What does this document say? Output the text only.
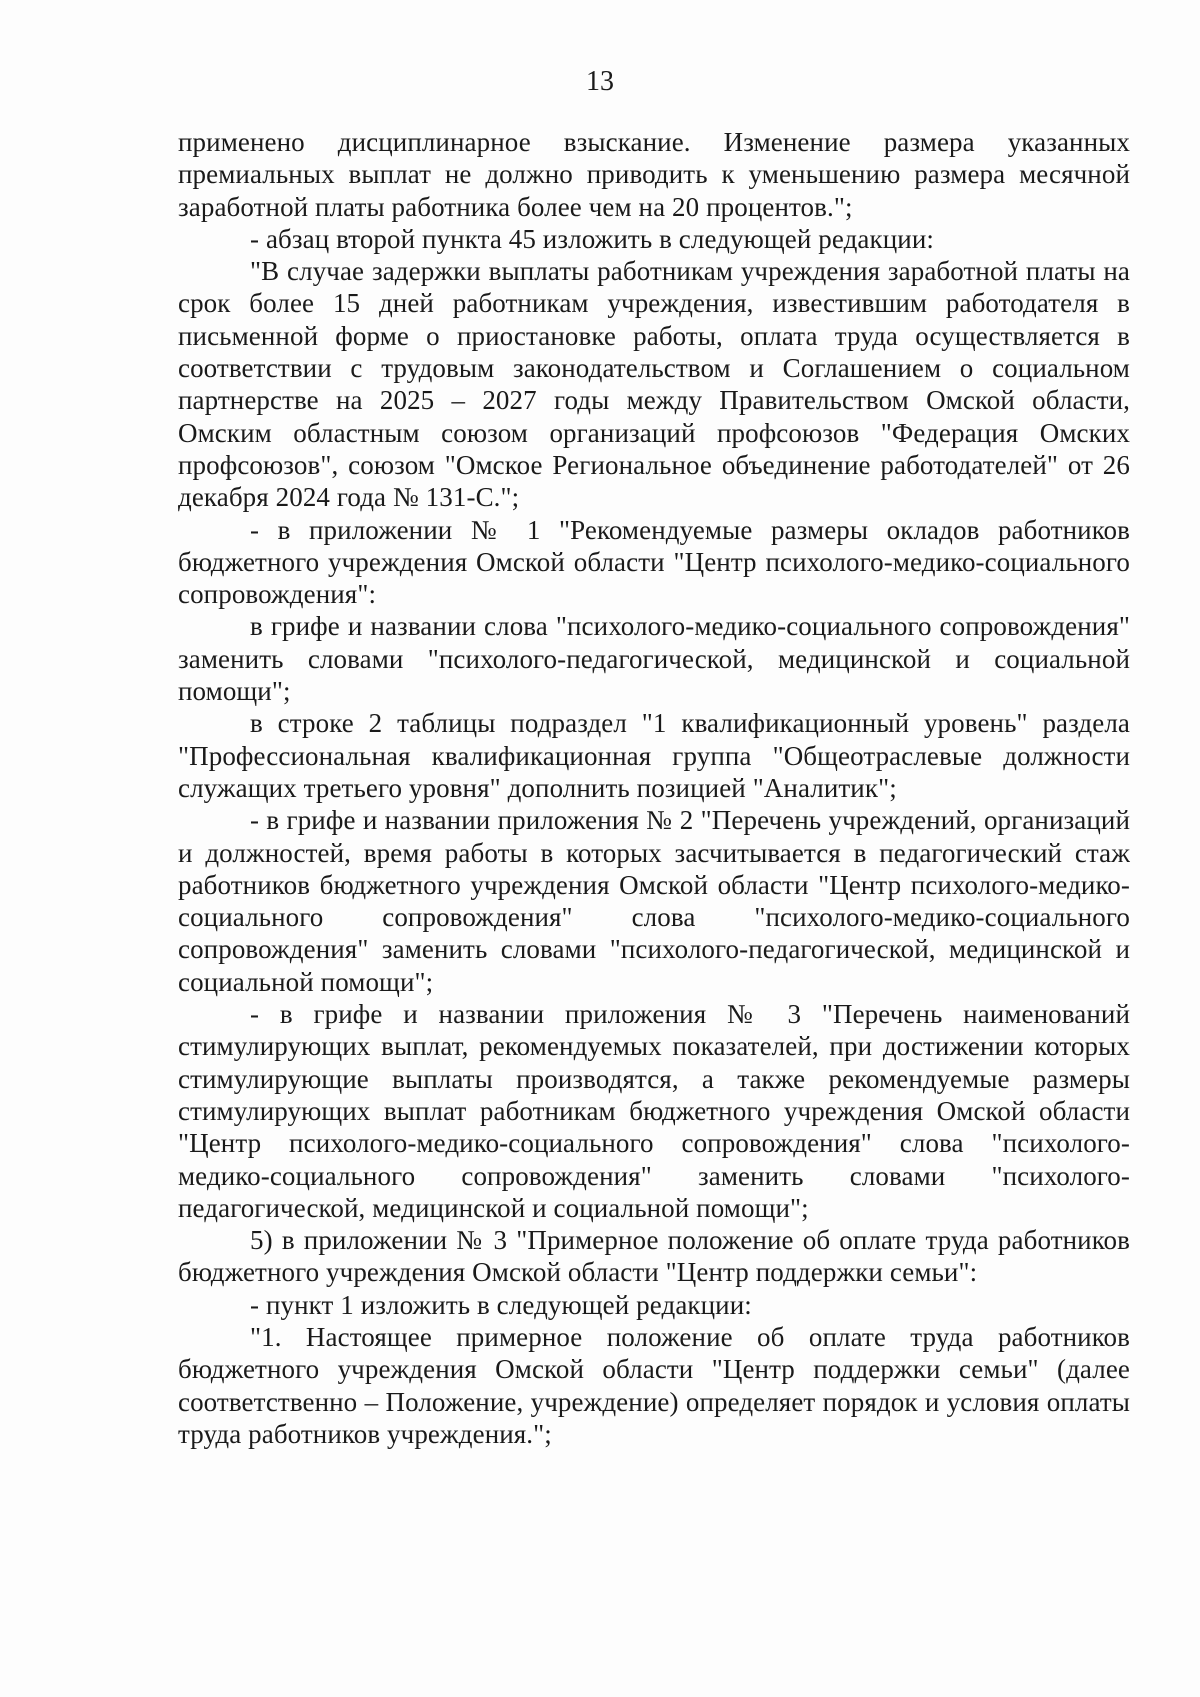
13

применено дисциплинарное взыскание. Изменение размера указанных премиальных выплат не должно приводить к уменьшению размера месячной заработной платы работника более чем на 20 процентов.";

- абзац второй пункта 45 изложить в следующей редакции:

"В случае задержки выплаты работникам учреждения заработной платы на срок более 15 дней работникам учреждения, известившим работодателя в письменной форме о приостановке работы, оплата труда осуществляется в соответствии с трудовым законодательством и Соглашением о социальном партнерстве на 2025 – 2027 годы между Правительством Омской области, Омским областным союзом организаций профсоюзов "Федерация Омских профсоюзов", союзом "Омское Региональное объединение работодателей" от 26 декабря 2024 года № 131-С.";

- в приложении № 1 "Рекомендуемые размеры окладов работников бюджетного учреждения Омской области "Центр психолого-медико-социального сопровождения":

в грифе и названии слова "психолого-медико-социального сопровождения" заменить словами "психолого-педагогической, медицинской и социальной помощи";

в строке 2 таблицы подраздел "1 квалификационный уровень" раздела "Профессиональная квалификационная группа "Общеотраслевые должности служащих третьего уровня" дополнить позицией "Аналитик";

- в грифе и названии приложения № 2 "Перечень учреждений, организаций и должностей, время работы в которых засчитывается в педагогический стаж работников бюджетного учреждения Омской области "Центр психолого-медико-социального сопровождения" слова "психолого-медико-социального сопровождения" заменить словами "психолого-педагогической, медицинской и социальной помощи";

- в грифе и названии приложения № 3 "Перечень наименований стимулирующих выплат, рекомендуемых показателей, при достижении которых стимулирующие выплаты производятся, а также рекомендуемые размеры стимулирующих выплат работникам бюджетного учреждения Омской области "Центр психолого-медико-социального сопровождения" слова "психолого-медико-социального сопровождения" заменить словами "психолого-педагогической, медицинской и социальной помощи";

5) в приложении № 3 "Примерное положение об оплате труда работников бюджетного учреждения Омской области "Центр поддержки семьи":

- пункт 1 изложить в следующей редакции:

"1. Настоящее примерное положение об оплате труда работников бюджетного учреждения Омской области "Центр поддержки семьи" (далее соответственно – Положение, учреждение) определяет порядок и условия оплаты труда работников учреждения.";
